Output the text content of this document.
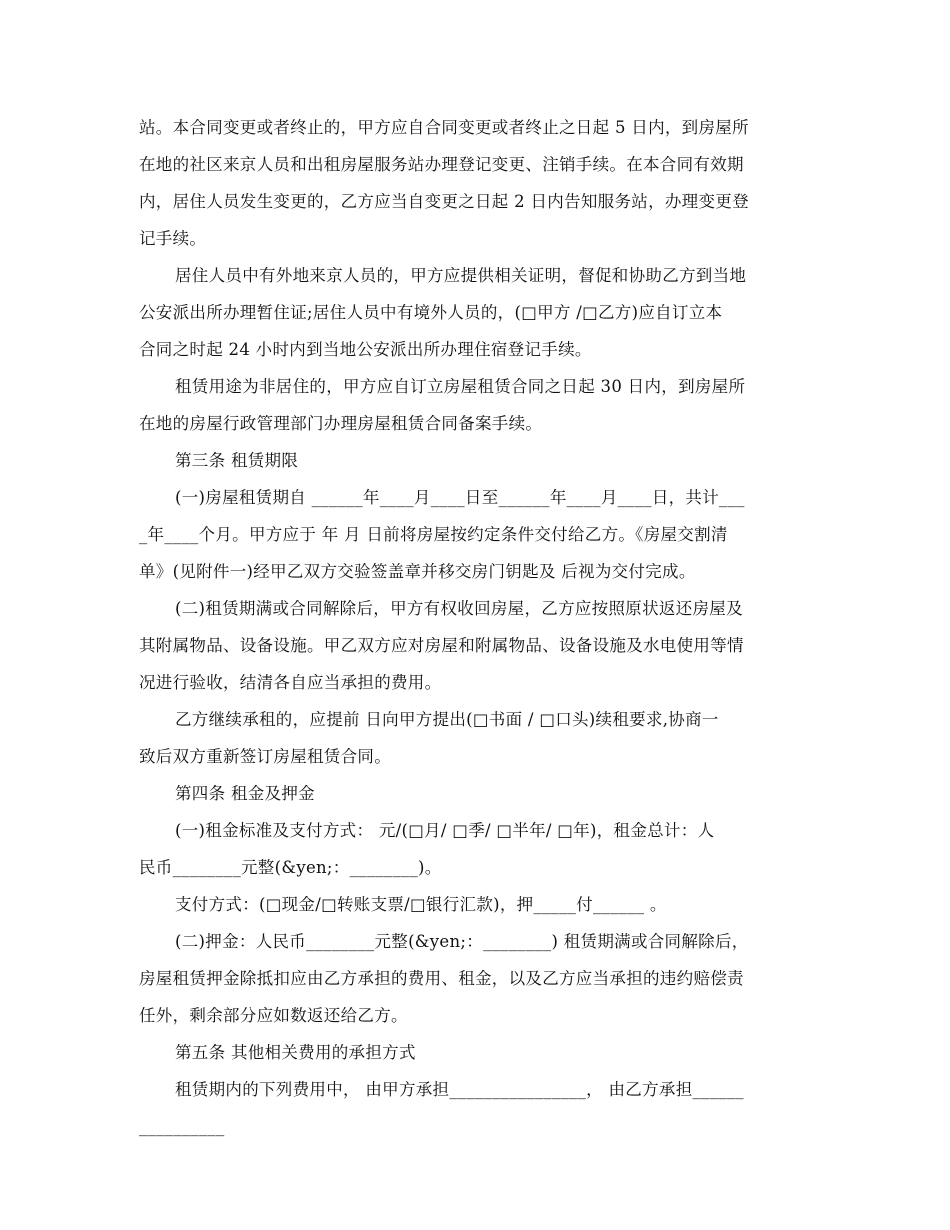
站。本合同变更或者终止的，甲方应自合同变更或者终止之日起 5 日内，到房屋所
在地的社区来京人员和出租房屋服务站办理登记变更、注销手续。在本合同有效期
内，居住人员发生变更的，乙方应当自变更之日起 2 日内告知服务站，办理变更登
记手续。
居住人员中有外地来京人员的，甲方应提供相关证明，督促和协助乙方到当地
公安派出所办理暂住证;居住人员中有境外人员的，(□甲方 /□乙方)应自订立本
合同之时起 24 小时内到当地公安派出所办理住宿登记手续。
租赁用途为非居住的，甲方应自订立房屋租赁合同之日起 30 日内，到房屋所
在地的房屋行政管理部门办理房屋租赁合同备案手续。
第三条 租赁期限
(一)房屋租赁期自 ______年____月____日至______年____月____日，共计___
_年____个月。甲方应于 年 月 日前将房屋按约定条件交付给乙方。《房屋交割清
单》(见附件一)经甲乙双方交验签盖章并移交房门钥匙及 后视为交付完成。
(二)租赁期满或合同解除后，甲方有权收回房屋，乙方应按照原状返还房屋及
其附属物品、设备设施。甲乙双方应对房屋和附属物品、设备设施及水电使用等情
况进行验收，结清各自应当承担的费用。
乙方继续承租的，应提前 日向甲方提出(□书面 / □口头)续租要求,协商一
致后双方重新签订房屋租赁合同。
第四条 租金及押金
(一)租金标准及支付方式： 元/(□月/ □季/ □半年/ □年)，租金总计：人
民币________元整(&yen;：________)。
支付方式：(□现金/□转账支票/□银行汇款)，押_____付______ 。
(二)押金：人民币________元整(&yen;：________) 租赁期满或合同解除后，
房屋租赁押金除抵扣应由乙方承担的费用、租金，以及乙方应当承担的违约赔偿责
任外，剩余部分应如数返还给乙方。
第五条 其他相关费用的承担方式
租赁期内的下列费用中， 由甲方承担________________， 由乙方承担______
__________
